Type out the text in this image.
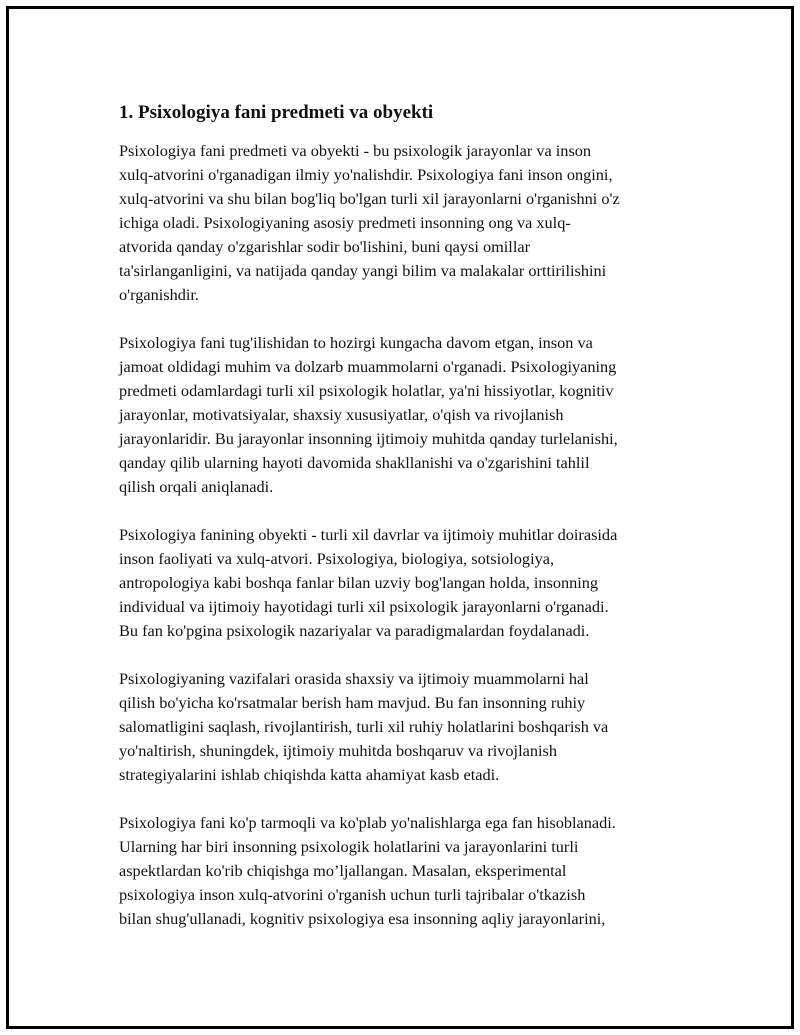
1. Psixologiya fani predmeti va obyekti

Psixologiya fani predmeti va obyekti - bu psixologik jarayonlar va inson
xulq-atvorini o'rganadigan ilmiy yo'nalishdir. Psixologiya fani inson ongini,
xulq-atvorini va shu bilan bog'liq bo'lgan turli xil jarayonlarni o'rganishni o'z
ichiga oladi. Psixologiyaning asosiy predmeti insonning ong va xulq-
atvorida qanday o'zgarishlar sodir bo'lishini, buni qaysi omillar
ta'sirlanganligini, va natijada qanday yangi bilim va malakalar orttirilishini
o'rganishdir.

Psixologiya fani tug'ilishidan to hozirgi kungacha davom etgan, inson va
jamoat oldidagi muhim va dolzarb muammolarni o'rganadi. Psixologiyaning
predmeti odamlardagi turli xil psixologik holatlar, ya'ni hissiyotlar, kognitiv
jarayonlar, motivatsiyalar, shaxsiy xususiyatlar, o'qish va rivojlanish
jarayonlaridir. Bu jarayonlar insonning ijtimoiy muhitda qanday turlelanishi,
qanday qilib ularning hayoti davomida shakllanishi va o'zgarishini tahlil
qilish orqali aniqlanadi.

Psixologiya fanining obyekti - turli xil davrlar va ijtimoiy muhitlar doirasida
inson faoliyati va xulq-atvori. Psixologiya, biologiya, sotsiologiya,
antropologiya kabi boshqa fanlar bilan uzviy bog'langan holda, insonning
individual va ijtimoiy hayotidagi turli xil psixologik jarayonlarni o'rganadi.
Bu fan ko'pgina psixologik nazariyalar va paradigmalardan foydalanadi.

Psixologiyaning vazifalari orasida shaxsiy va ijtimoiy muammolarni hal
qilish bo'yicha ko'rsatmalar berish ham mavjud. Bu fan insonning ruhiy
salomatligini saqlash, rivojlantirish, turli xil ruhiy holatlarini boshqarish va
yo'naltirish, shuningdek, ijtimoiy muhitda boshqaruv va rivojlanish
strategiyalarini ishlab chiqishda katta ahamiyat kasb etadi.

Psixologiya fani ko'p tarmoqli va ko'plab yo'nalishlarga ega fan hisoblanadi.
Ularning har biri insonning psixologik holatlarini va jarayonlarini turli
aspektlardan ko'rib chiqishga mo’ljallangan. Masalan, eksperimental
psixologiya inson xulq-atvorini o'rganish uchun turli tajribalar o'tkazish
bilan shug'ullanadi, kognitiv psixologiya esa insonning aqliy jarayonlarini,
